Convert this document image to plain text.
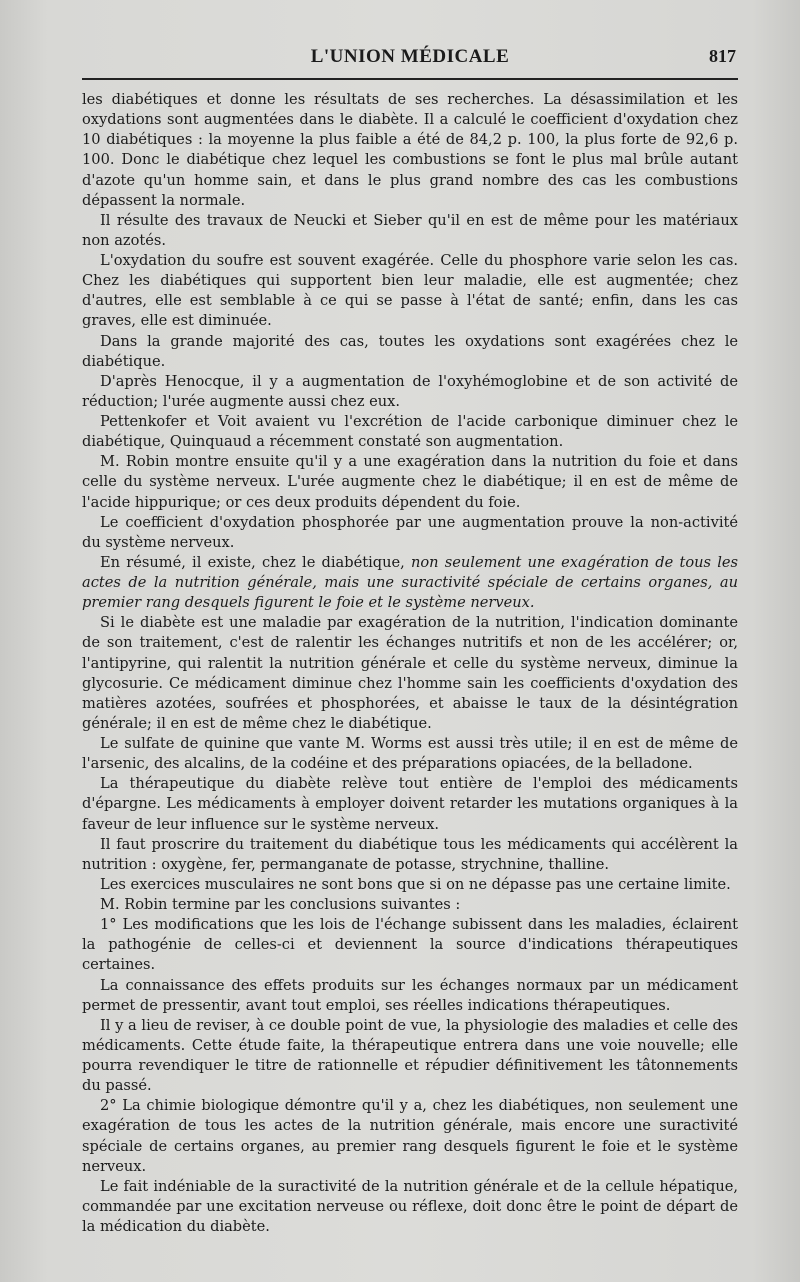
L'UNION MÉDICALE	817

les diabétiques et donne les résultats de ses recherches. La désassimilation et les oxydations sont augmentées dans le diabète. Il a calculé le coefficient d'oxydation chez 10 diabétiques : la moyenne la plus faible a été de 84,2 p. 100, la plus forte de 92,6 p. 100. Donc le diabétique chez lequel les combustions se font le plus mal brûle autant d'azote qu'un homme sain, et dans le plus grand nombre des cas les combustions dépassent la normale.

Il résulte des travaux de Neucki et Sieber qu'il en est de même pour les matériaux non azotés.

L'oxydation du soufre est souvent exagérée. Celle du phosphore varie selon les cas. Chez les diabétiques qui supportent bien leur maladie, elle est augmentée; chez d'autres, elle est semblable à ce qui se passe à l'état de santé; enfin, dans les cas graves, elle est diminuée.

Dans la grande majorité des cas, toutes les oxydations sont exagérées chez le diabétique.

D'après Henocque, il y a augmentation de l'oxyhémoglobine et de son activité de réduction; l'urée augmente aussi chez eux.

Pettenkofer et Voit avaient vu l'excrétion de l'acide carbonique diminuer chez le diabétique, Quinquaud a récemment constaté son augmentation.

M. Robin montre ensuite qu'il y a une exagération dans la nutrition du foie et dans celle du système nerveux. L'urée augmente chez le diabétique; il en est de même de l'acide hippurique; or ces deux produits dépendent du foie.

Le coefficient d'oxydation phosphorée par une augmentation prouve la non-activité du système nerveux.

En résumé, il existe, chez le diabétique, non seulement une exagération de tous les actes de la nutrition générale, mais une suractivité spéciale de certains organes, au premier rang desquels figurent le foie et le système nerveux.

Si le diabète est une maladie par exagération de la nutrition, l'indication dominante de son traitement, c'est de ralentir les échanges nutritifs et non de les accélérer; or, l'antipyrine, qui ralentit la nutrition générale et celle du système nerveux, diminue la glycosurie. Ce médicament diminue chez l'homme sain les coefficients d'oxydation des matières azotées, soufrées et phosphorées, et abaisse le taux de la désintégration générale; il en est de même chez le diabétique.

Le sulfate de quinine que vante M. Worms est aussi très utile; il en est de même de l'arsenic, des alcalins, de la codéine et des préparations opiacées, de la belladone.

La thérapeutique du diabète relève tout entière de l'emploi des médicaments d'épargne. Les médicaments à employer doivent retarder les mutations organiques à la faveur de leur influence sur le système nerveux.

Il faut proscrire du traitement du diabétique tous les médicaments qui accélèrent la nutrition : oxygène, fer, permanganate de potasse, strychnine, thalline.

Les exercices musculaires ne sont bons que si on ne dépasse pas une certaine limite.

M. Robin termine par les conclusions suivantes :

1° Les modifications que les lois de l'échange subissent dans les maladies, éclairent la pathogénie de celles-ci et deviennent la source d'indications thérapeutiques certaines.

La connaissance des effets produits sur les échanges normaux par un médicament permet de pressentir, avant tout emploi, ses réelles indications thérapeutiques.

Il y a lieu de reviser, à ce double point de vue, la physiologie des maladies et celle des médicaments. Cette étude faite, la thérapeutique entrera dans une voie nouvelle; elle pourra revendiquer le titre de rationnelle et répudier définitivement les tâtonnements du passé.

2° La chimie biologique démontre qu'il y a, chez les diabétiques, non seulement une exagération de tous les actes de la nutrition générale, mais encore une suractivité spéciale de certains organes, au premier rang desquels figurent le foie et le système nerveux.

Le fait indéniable de la suractivité de la nutrition générale et de la cellule hépatique, commandée par une excitation nerveuse ou réflexe, doit donc être le point de départ de la médication du diabète.
